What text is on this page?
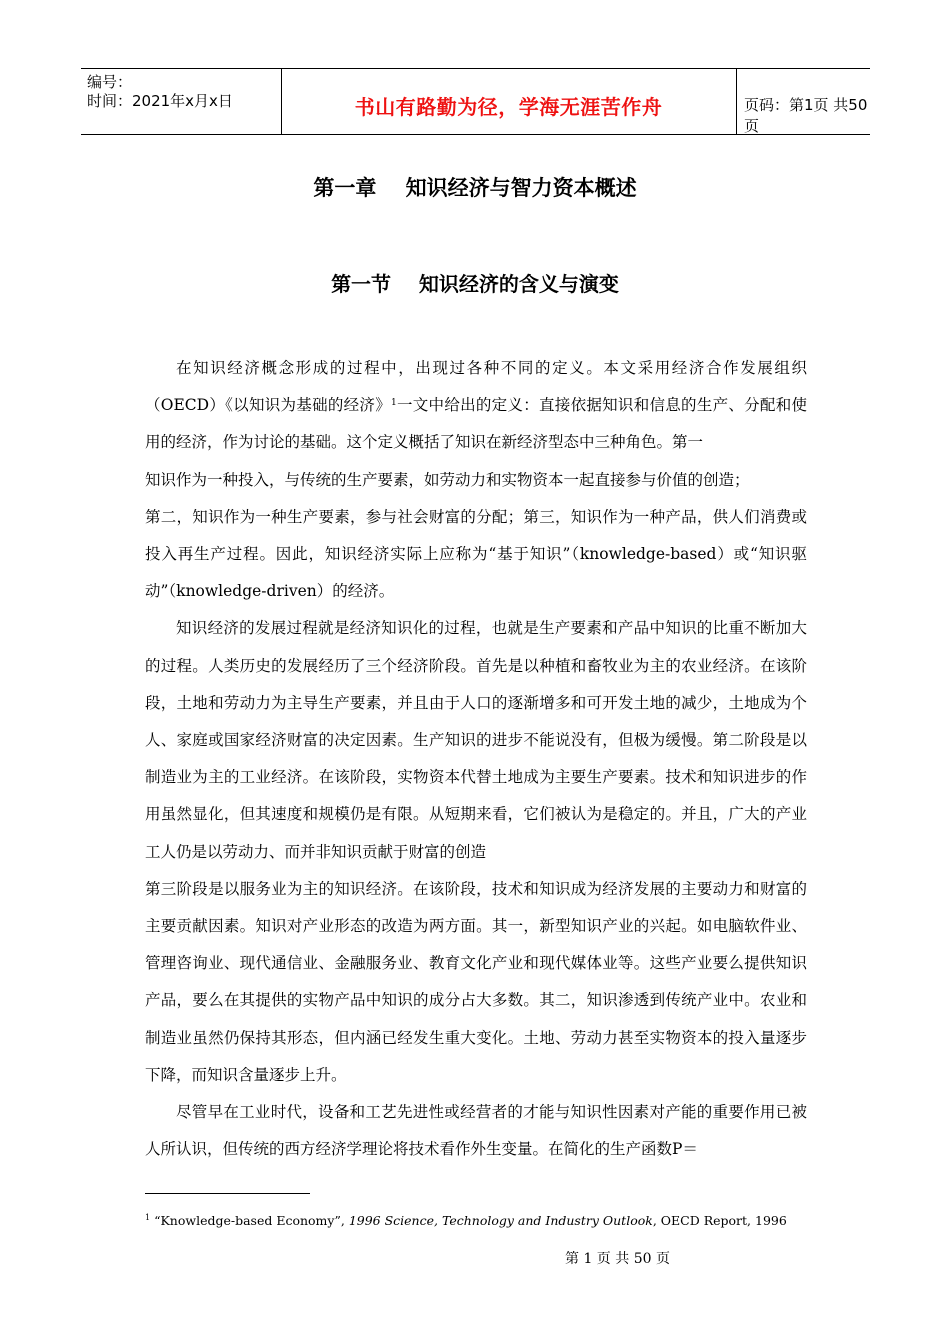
编号：
时间：2021年x月x日	书山有路勤为径，学海无涯苦作舟	页码：第1页 共50页
第一章    知识经济与智力资本概述
第一节    知识经济的含义与演变

在知识经济概念形成的过程中，出现过各种不同的定义。本文采用经济合作发展组织（OECD）《以知识为基础的经济》$^1$一文中给出的定义：直接依据知识和信息的生产、分配和使用的经济，作为讨论的基础。这个定义概括了知识在新经济型态中三种角色。第一

知识作为一种投入，与传统的生产要素，如劳动力和实物资本一起直接参与价值的创造；

第二，知识作为一种生产要素，参与社会财富的分配；第三，知识作为一种产品，供人们消费或投入再生产过程。因此，知识经济实际上应称为“基于知识”（knowledge-based）或“知识驱动”（knowledge-driven）的经济。

知识经济的发展过程就是经济知识化的过程，也就是生产要素和产品中知识的比重不断加大的过程。人类历史的发展经历了三个经济阶段。首先是以种植和畜牧业为主的农业经济。在该阶段，土地和劳动力为主导生产要素，并且由于人口的逐渐增多和可开发土地的减少，土地成为个人、家庭或国家经济财富的决定因素。生产知识的进步不能说没有，但极为缓慢。第二阶段是以制造业为主的工业经济。在该阶段，实物资本代替土地成为主要生产要素。技术和知识进步的作用虽然显化，但其速度和规模仍是有限。从短期来看，它们被认为是稳定的。并且，广大的产业工人仍是以劳动力、而并非知识贡献于财富的创造

第三阶段是以服务业为主的知识经济。在该阶段，技术和知识成为经济发展的主要动力和财富的主要贡献因素。知识对产业形态的改造为两方面。其一，新型知识产业的兴起。如电脑软件业、管理咨询业、现代通信业、金融服务业、教育文化产业和现代媒体业等。这些产业要么提供知识产品，要么在其提供的实物产品中知识的成分占大多数。其二，知识渗透到传统产业中。农业和制造业虽然仍保持其形态，但内涵已经发生重大变化。土地、劳动力甚至实物资本的投入量逐步下降，而知识含量逐步上升。

尽管早在工业时代，设备和工艺先进性或经营者的才能与知识性因素对产能的重要作用已被人所认识，但传统的西方经济学理论将技术看作外生变量。在简化的生产函数P＝

$^1$ “Knowledge-based Economy”, 1996 Science, Technology and Industry Outlook, OECD Report, 1996
第 1 页 共 50 页
